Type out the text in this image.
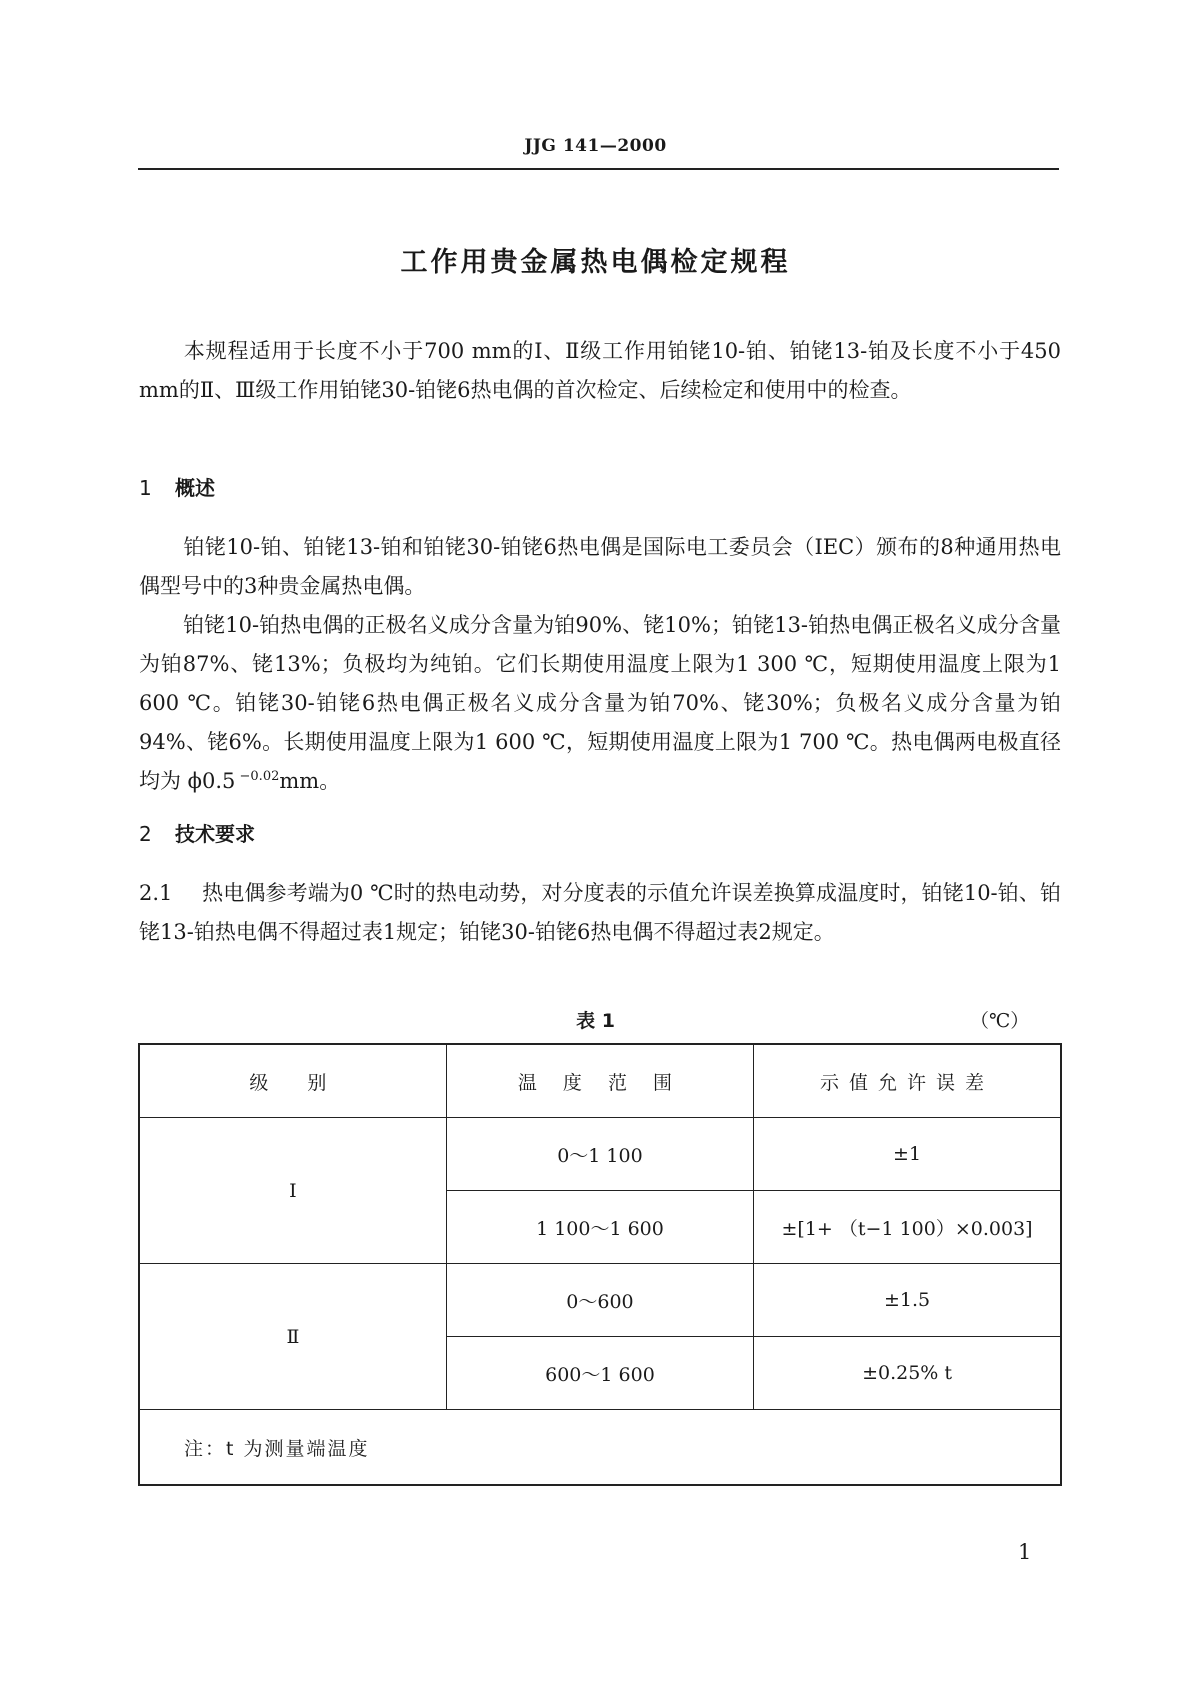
JJG 141—2000
工作用贵金属热电偶检定规程
本规程适用于长度不小于700 mm的Ⅰ、Ⅱ级工作用铂铑10-铂、铂铑13-铂及长度不小于450 mm的Ⅱ、Ⅲ级工作用铂铑30-铂铑6热电偶的首次检定、后续检定和使用中的检查。
1 概述
铂铑10-铂、铂铑13-铂和铂铑30-铂铑6热电偶是国际电工委员会（IEC）颁布的8种通用热电偶型号中的3种贵金属热电偶。
铂铑10-铂热电偶的正极名义成分含量为铂90%、铑10%；铂铑13-铂热电偶正极名义成分含量为铂87%、铑13%；负极均为纯铂。它们长期使用温度上限为1 300 ℃，短期使用温度上限为1 600 ℃。铂铑30-铂铑6热电偶正极名义成分含量为铂70%、铑30%；负极名义成分含量为铂94%、铑6%。长期使用温度上限为1 600 ℃，短期使用温度上限为1 700 ℃。热电偶两电极直径均为 ϕ0.5 $^{-0.02}$mm。
2 技术要求
2.1 热电偶参考端为0 ℃时的热电动势，对分度表的示值允许误差换算成温度时，铂铑10-铂、铂铑13-铂热电偶不得超过表1规定；铂铑30-铂铑6热电偶不得超过表2规定。
表 1	（℃）
级　别	温 度 范 围	示值允许误差
Ⅰ	0～1 100	±1
	1 100～1 600	±[1+ （t−1 100）×0.003]
Ⅱ	0～600	±1.5
	600～1 600	±0.25% t
注：t 为测量端温度		
1
